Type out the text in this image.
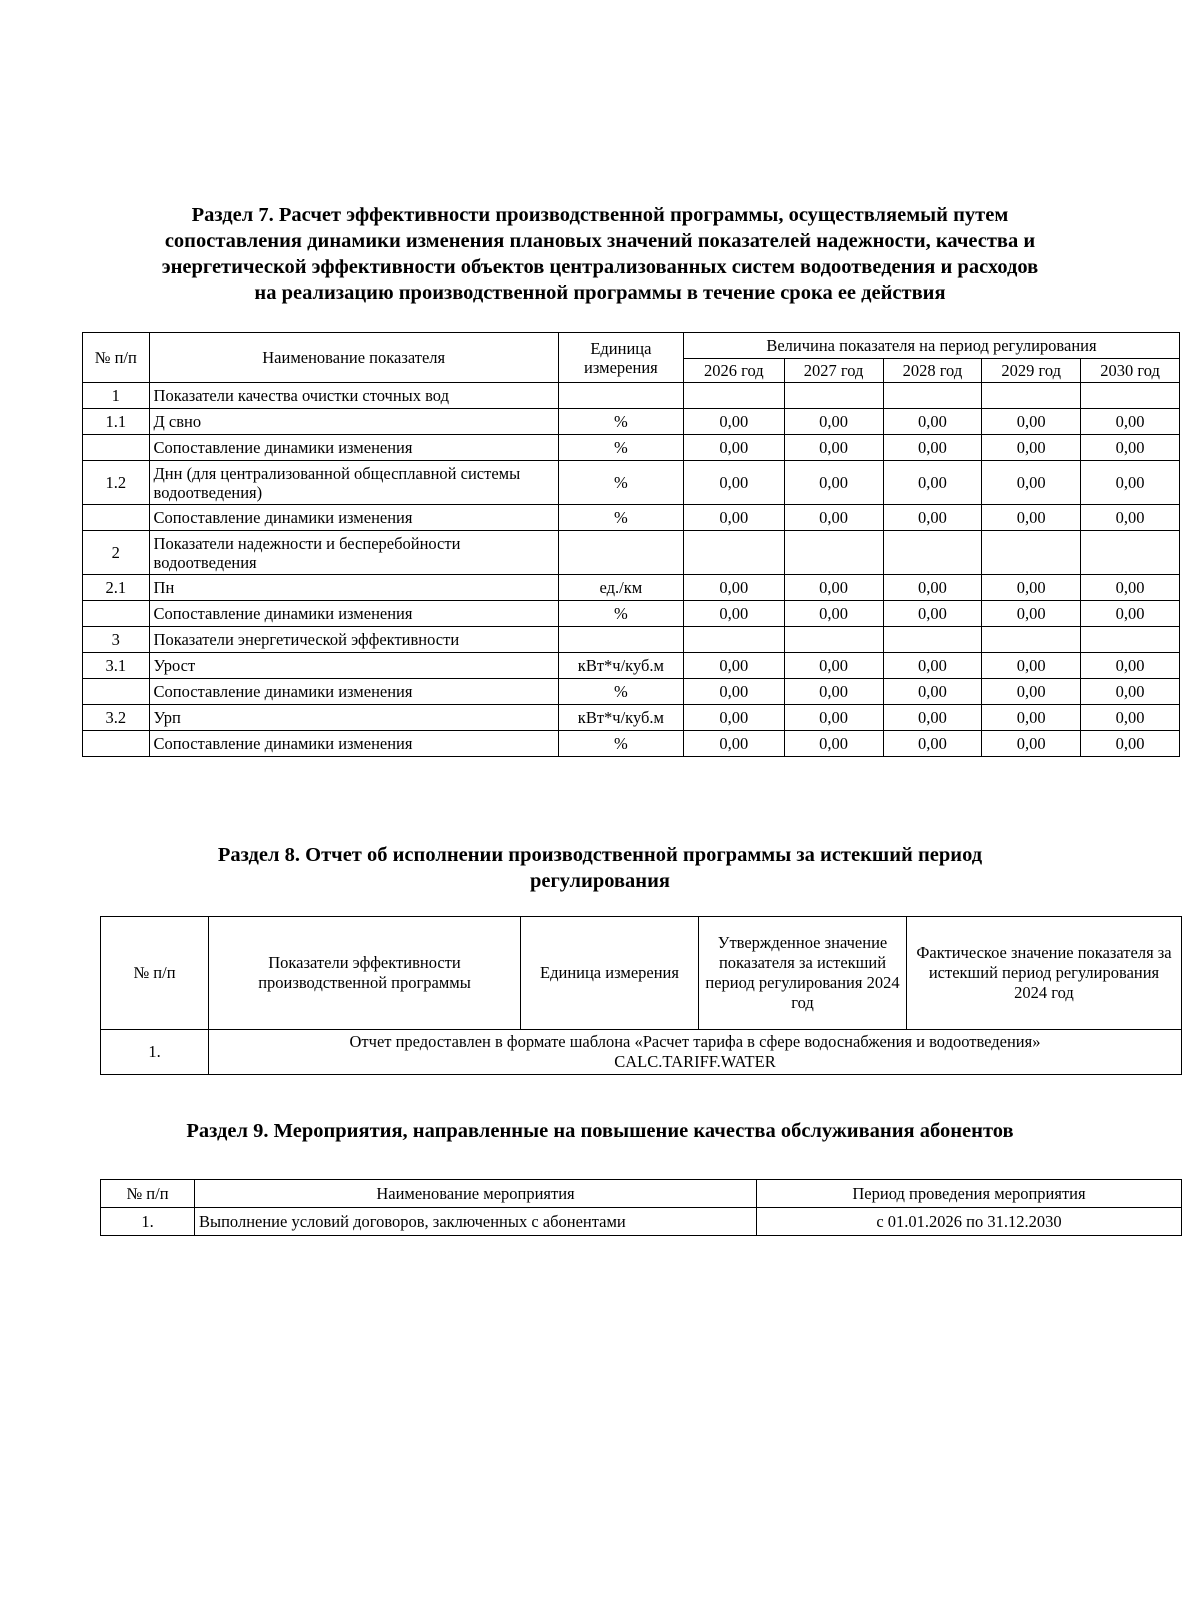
Раздел 7. Расчет эффективности производственной программы, осуществляемый путем
сопоставления динамики изменения плановых значений показателей надежности, качества и
энергетической эффективности объектов централизованных систем водоотведения и расходов
на реализацию производственной программы в течение срока ее действия
№ п/п	Наименование показателя	Единица измерения	Величина показателя на период регулирования				
			2026 год	2027 год	2028 год	2029 год	2030 год
1	Показатели качества очистки сточных вод						
1.1	Д свно	%	0,00	0,00	0,00	0,00	0,00
	Сопоставление динамики изменения	%	0,00	0,00	0,00	0,00	0,00
1.2	Днн (для централизованной общесплавной системы водоотведения)	%	0,00	0,00	0,00	0,00	0,00
	Сопоставление динамики изменения	%	0,00	0,00	0,00	0,00	0,00
2	Показатели надежности и бесперебойности водоотведения						
2.1	Пн	ед./км	0,00	0,00	0,00	0,00	0,00
	Сопоставление динамики изменения	%	0,00	0,00	0,00	0,00	0,00
3	Показатели энергетической эффективности						
3.1	Урост	кВт*ч/куб.м	0,00	0,00	0,00	0,00	0,00
	Сопоставление динамики изменения	%	0,00	0,00	0,00	0,00	0,00
3.2	Урп	кВт*ч/куб.м	0,00	0,00	0,00	0,00	0,00
	Сопоставление динамики изменения	%	0,00	0,00	0,00	0,00	0,00
Раздел 8. Отчет об исполнении производственной программы за истекший период
регулирования
№ п/п	Показатели эффективности производственной программы	Единица измерения	Утвержденное значение показателя за истекший период регулирования 2024 год	Фактическое значение показателя за истекший период регулирования 2024 год
1.	Отчет предоставлен в формате шаблона «Расчет тарифа в сфере водоснабжения и водоотведения»
CALC.TARIFF.WATER			
Раздел 9. Мероприятия, направленные на повышение качества обслуживания абонентов
№ п/п	Наименование мероприятия	Период проведения мероприятия
1.	Выполнение условий договоров, заключенных с абонентами	с 01.01.2026 по 31.12.2030
